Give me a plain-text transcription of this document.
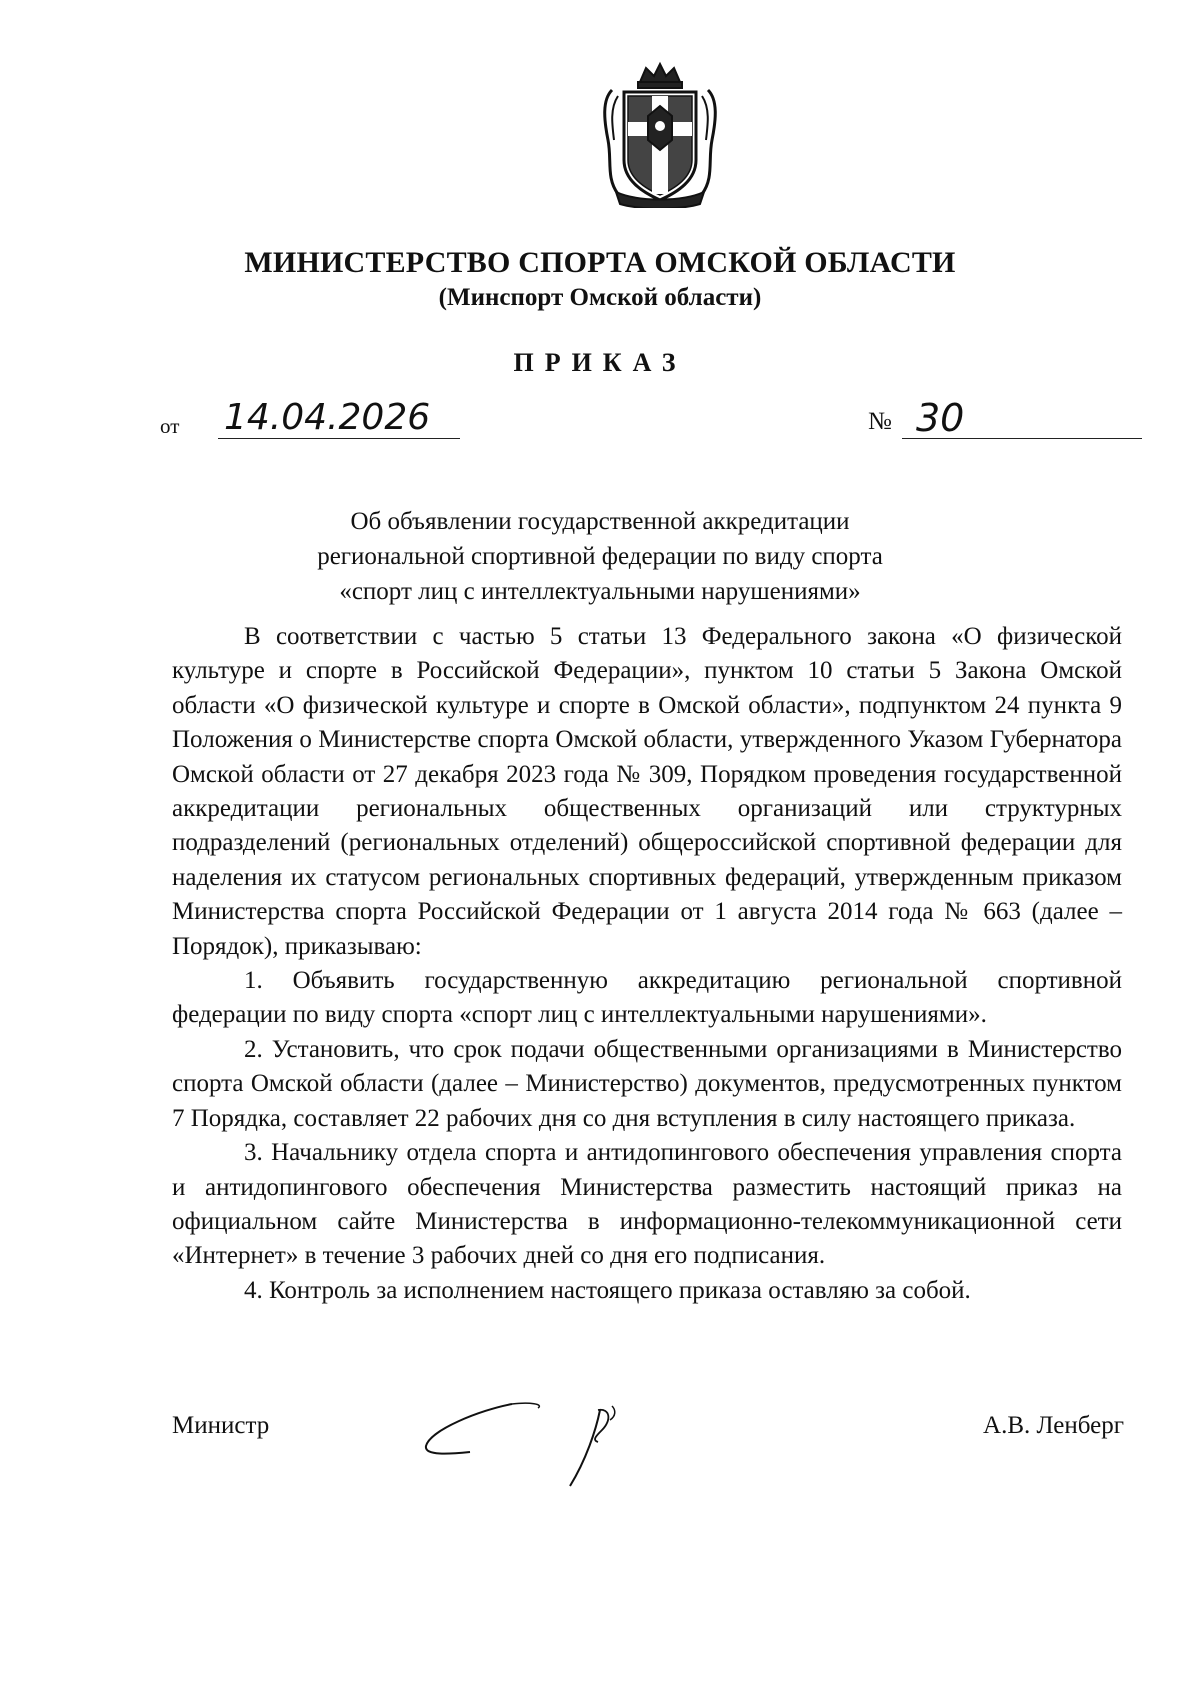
МИНИСТЕРСТВО СПОРТА ОМСКОЙ ОБЛАСТИ
(Минспорт Омской области)
ПРИКАЗ
от 14.04.2026	№ 30
Об объявлении государственной аккредитации
региональной спортивной федерации по виду спорта
«спорт лиц с интеллектуальными нарушениями»

В соответствии с частью 5 статьи 13 Федерального закона «О физической культуре и спорте в Российской Федерации», пунктом 10 статьи 5 Закона Омской области «О физической культуре и спорте в Омской области», подпунктом 24 пункта 9 Положения о Министерстве спорта Омской области, утвержденного Указом Губернатора Омской области от 27 декабря 2023 года № 309, Порядком проведения государственной аккредитации региональных общественных организаций или структурных подразделений (региональных отделений) общероссийской спортивной федерации для наделения их статусом региональных спортивных федераций, утвержденным приказом Министерства спорта Российской Федерации от 1 августа 2014 года № 663 (далее – Порядок), приказываю:

1. Объявить государственную аккредитацию региональной спортивной федерации по виду спорта «спорт лиц с интеллектуальными нарушениями».

2. Установить, что срок подачи общественными организациями в Министерство спорта Омской области (далее – Министерство) документов, предусмотренных пунктом 7 Порядка, составляет 22 рабочих дня со дня вступления в силу настоящего приказа.

3. Начальнику отдела спорта и антидопингового обеспечения управления спорта и антидопингового обеспечения Министерства разместить настоящий приказ на официальном сайте Министерства в информационно-телекоммуникационной сети «Интернет» в течение 3 рабочих дней со дня его подписания.

4. Контроль за исполнением настоящего приказа оставляю за собой.

Министр	А.В. Ленберг
